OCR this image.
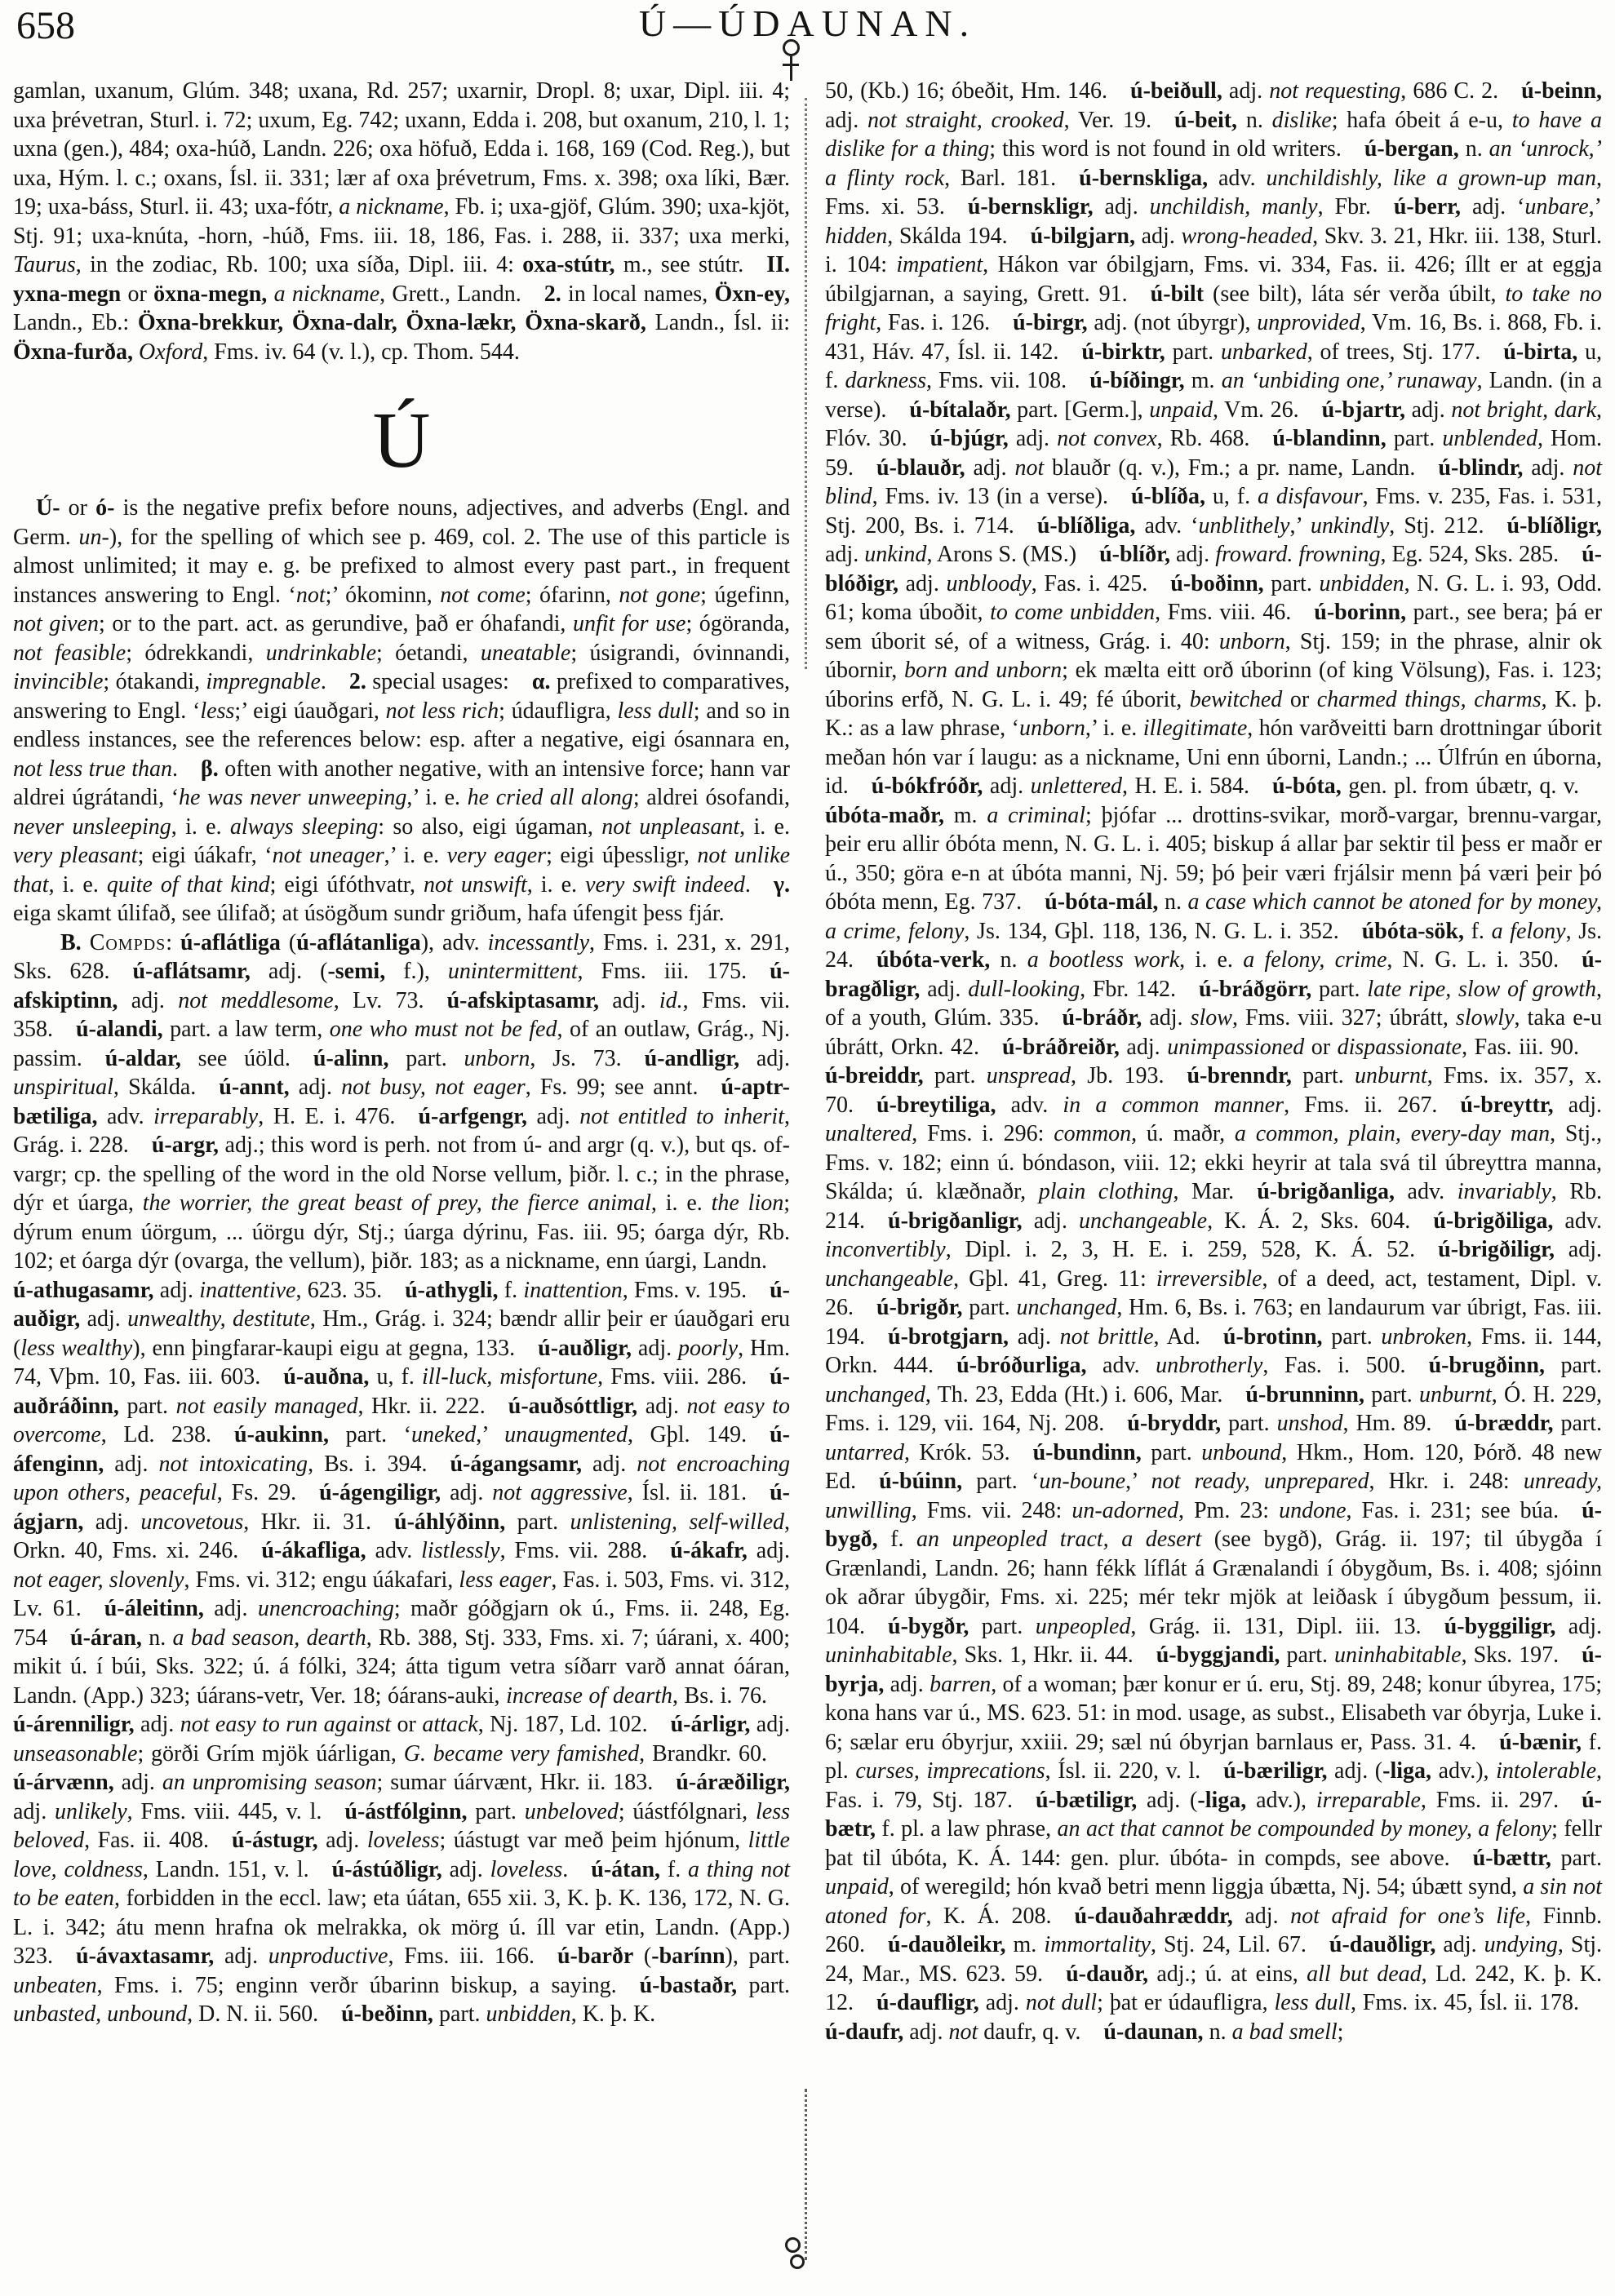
658	Ú—ÚDAUNAN.

gamlan, uxanum, Glúm. 348; uxana, Rd. 257; uxarnir, Dropl. 8; uxar, Dipl. iii. 4; uxa þrévetran, Sturl. i. 72; uxum, Eg. 742; uxann, Edda i. 208, but oxanum, 210, l. 1; uxna (gen.), 484; oxa-húð, Landn. 226; oxa höfuð, Edda i. 168, 169 (Cod. Reg.), but uxa, Hým. l. c.; oxans, Ísl. ii. 331; lær af oxa þrévetrum, Fms. x. 398; oxa líki, Bær. 19; uxa-báss, Sturl. ii. 43; uxa-fótr, a nickname, Fb. i; uxa-gjöf, Glúm. 390; uxa-kjöt, Stj. 91; uxa-knúta, -horn, -húð, Fms. iii. 18, 186, Fas. i. 288, ii. 337; uxa merki, Taurus, in the zodiac, Rb. 100; uxa síða, Dipl. iii. 4: oxa-stútr, m., see stútr. II. yxna-megn or öxna-megn, a nickname, Grett., Landn. 2. in local names, Öxn-ey, Landn., Eb.: Öxna-brekkur, Öxna-dalr, Öxna-lækr, Öxna-skarð, Landn., Ísl. ii: Öxna-furða, Oxford, Fms. iv. 64 (v. l.), cp. Thom. 544.

Ú

Ú- or ó- is the negative prefix before nouns, adjectives, and adverbs (Engl. and Germ. un-), for the spelling of which see p. 469, col. 2. The use of this particle is almost unlimited; it may e. g. be prefixed to almost every past part., in frequent instances answering to Engl. ‘not;’ ókominn, not come; ófarinn, not gone; úgefinn, not given; or to the part. act. as gerundive, það er óhafandi, unfit for use; ógöranda, not feasible; ódrekkandi, undrinkable; óetandi, uneatable; úsigrandi, óvinnandi, invincible; ótakandi, impregnable. 2. special usages: α. prefixed to comparatives, answering to Engl. ‘less;’ eigi úauðgari, not less rich; údaufligra, less dull; and so in endless instances, see the references below: esp. after a negative, eigi ósannara en, not less true than. β. often with another negative, with an intensive force; hann var aldrei úgrátandi, ‘he was never unweeping,’ i. e. he cried all along; aldrei ósofandi, never unsleeping, i. e. always sleeping: so also, eigi úgaman, not unpleasant, i. e. very pleasant; eigi úákafr, ‘not uneager,’ i. e. very eager; eigi úþessligr, not unlike that, i. e. quite of that kind; eigi úfóthvatr, not unswift, i. e. very swift indeed. γ. eiga skamt úlifað, see úlifað; at úsögðum sundr griðum, hafa úfengit þess fjár.

B. Compds: ú-aflátliga (ú-aflátanliga), adv. incessantly, Fms. i. 231, x. 291, Sks. 628. ú-aflátsamr, adj. (-semi, f.), unintermittent, Fms. iii. 175. ú-afskiptinn, adj. not meddlesome, Lv. 73. ú-afskiptasamr, adj. id., Fms. vii. 358. ú-alandi, part. a law term, one who must not be fed, of an outlaw, Grág., Nj. passim. ú-aldar, see úöld. ú-alinn, part. unborn, Js. 73. ú-andligr, adj. unspiritual, Skálda. ú-annt, adj. not busy, not eager, Fs. 99; see annt. ú-aptr-bætiliga, adv. irreparably, H. E. i. 476. ú-arfgengr, adj. not entitled to inherit, Grág. i. 228. ú-argr, adj.; this word is perh. not from ú- and argr (q. v.), but qs. of-vargr; cp. the spelling of the word in the old Norse vellum, þiðr. l. c.; in the phrase, dýr et úarga, the worrier, the great beast of prey, the fierce animal, i. e. the lion; dýrum enum úörgum, ... úörgu dýr, Stj.; úarga dýrinu, Fas. iii. 95; óarga dýr, Rb. 102; et óarga dýr (ovarga, the vellum), þiðr. 183; as a nickname, enn úargi, Landn. ú-athugasamr, adj. inattentive, 623. 35. ú-athygli, f. inattention, Fms. v. 195. ú-auðigr, adj. unwealthy, destitute, Hm., Grág. i. 324; bændr allir þeir er úauðgari eru (less wealthy), enn þingfarar-kaupi eigu at gegna, 133. ú-auðligr, adj. poorly, Hm. 74, Vþm. 10, Fas. iii. 603. ú-auðna, u, f. ill-luck, misfortune, Fms. viii. 286. ú-auðráðinn, part. not easily managed, Hkr. ii. 222. ú-auðsóttligr, adj. not easy to overcome, Ld. 238. ú-aukinn, part. ‘uneked,’ unaugmented, Gþl. 149. ú-áfenginn, adj. not intoxicating, Bs. i. 394. ú-ágangsamr, adj. not encroaching upon others, peaceful, Fs. 29. ú-ágengiligr, adj. not aggressive, Ísl. ii. 181. ú-ágjarn, adj. uncovetous, Hkr. ii. 31. ú-áhlýðinn, part. unlistening, self-willed, Orkn. 40, Fms. xi. 246. ú-ákafliga, adv. listlessly, Fms. vii. 288. ú-ákafr, adj. not eager, slovenly, Fms. vi. 312; engu úákafari, less eager, Fas. i. 503, Fms. vi. 312, Lv. 61. ú-áleitinn, adj. unencroaching; maðr góðgjarn ok ú., Fms. ii. 248, Eg. 754 ú-áran, n. a bad season, dearth, Rb. 388, Stj. 333, Fms. xi. 7; úárani, x. 400; mikit ú. í búi, Sks. 322; ú. á fólki, 324; átta tigum vetra síðarr varð annat óáran, Landn. (App.) 323; úárans-vetr, Ver. 18; óárans-auki, increase of dearth, Bs. i. 76. ú-árenniligr, adj. not easy to run against or attack, Nj. 187, Ld. 102. ú-árligr, adj. unseasonable; görði Grím mjök úárligan, G. became very famished, Brandkr. 60. ú-árvænn, adj. an unpromising season; sumar úárvænt, Hkr. ii. 183. ú-áræðiligr, adj. unlikely, Fms. viii. 445, v. l. ú-ástfólginn, part. unbeloved; úástfólgnari, less beloved, Fas. ii. 408. ú-ástugr, adj. loveless; úástugt var með þeim hjónum, little love, coldness, Landn. 151, v. l. ú-ástúðligr, adj. loveless. ú-átan, f. a thing not to be eaten, forbidden in the eccl. law; eta úátan, 655 xii. 3, K. þ. K. 136, 172, N. G. L. i. 342; átu menn hrafna ok melrakka, ok mörg ú. íll var etin, Landn. (App.) 323. ú-ávaxtasamr, adj. unproductive, Fms. iii. 166. ú-barðr (-barínn), part. unbeaten, Fms. i. 75; enginn verðr úbarinn biskup, a saying. ú-bastaðr, part. unbasted, unbound, D. N. ii. 560. ú-beðinn, part. unbidden, K. þ. K.

50, (Kb.) 16; óbeðit, Hm. 146. ú-beiðull, adj. not requesting, 686 C. 2. ú-beinn, adj. not straight, crooked, Ver. 19. ú-beit, n. dislike; hafa óbeit á e-u, to have a dislike for a thing; this word is not found in old writers. ú-bergan, n. an ‘unrock,’ a flinty rock, Barl. 181. ú-bernskliga, adv. unchildishly, like a grown-up man, Fms. xi. 53. ú-bernskligr, adj. unchildish, manly, Fbr. ú-berr, adj. ‘unbare,’ hidden, Skálda 194. ú-bilgjarn, adj. wrong-headed, Skv. 3. 21, Hkr. iii. 138, Sturl. i. 104: impatient, Hákon var óbilgjarn, Fms. vi. 334, Fas. ii. 426; íllt er at eggja úbilgjarnan, a saying, Grett. 91. ú-bilt (see bilt), láta sér verða úbilt, to take no fright, Fas. i. 126. ú-birgr, adj. (not úbyrgr), unprovided, Vm. 16, Bs. i. 868, Fb. i. 431, Háv. 47, Ísl. ii. 142. ú-birktr, part. unbarked, of trees, Stj. 177. ú-birta, u, f. darkness, Fms. vii. 108. ú-bíðingr, m. an ‘unbiding one,’ runaway, Landn. (in a verse). ú-bítalaðr, part. [Germ.], unpaid, Vm. 26. ú-bjartr, adj. not bright, dark, Flóv. 30. ú-bjúgr, adj. not convex, Rb. 468. ú-blandinn, part. unblended, Hom. 59. ú-blauðr, adj. not blauðr (q. v.), Fm.; a pr. name, Landn. ú-blindr, adj. not blind, Fms. iv. 13 (in a verse). ú-blíða, u, f. a disfavour, Fms. v. 235, Fas. i. 531, Stj. 200, Bs. i. 714. ú-blíðliga, adv. ‘unblithely,’ unkindly, Stj. 212. ú-blíðligr, adj. unkind, Arons S. (MS.) ú-blíðr, adj. froward. frowning, Eg. 524, Sks. 285. ú-blóðigr, adj. unbloody, Fas. i. 425. ú-boðinn, part. unbidden, N. G. L. i. 93, Odd. 61; koma úboðit, to come unbidden, Fms. viii. 46. ú-borinn, part., see bera; þá er sem úborit sé, of a witness, Grág. i. 40: unborn, Stj. 159; in the phrase, alnir ok úbornir, born and unborn; ek mælta eitt orð úborinn (of king Völsung), Fas. i. 123; úborins erfð, N. G. L. i. 49; fé úborit, bewitched or charmed things, charms, K. þ. K.: as a law phrase, ‘unborn,’ i. e. illegitimate, hón varðveitti barn drottningar úborit meðan hón var í laugu: as a nickname, Uni enn úborni, Landn.; ... Úlfrún en úborna, id. ú-bókfróðr, adj. unlettered, H. E. i. 584. ú-bóta, gen. pl. from úbætr, q. v. úbóta-maðr, m. a criminal; þjófar ... drottins-svikar, morð-vargar, brennu-vargar, þeir eru allir óbóta menn, N. G. L. i. 405; biskup á allar þar sektir til þess er maðr er ú., 350; göra e-n at úbóta manni, Nj. 59; þó þeir væri frjálsir menn þá væri þeir þó óbóta menn, Eg. 737. ú-bóta-mál, n. a case which cannot be atoned for by money, a crime, felony, Js. 134, Gþl. 118, 136, N. G. L. i. 352. úbóta-sök, f. a felony, Js. 24. úbóta-verk, n. a bootless work, i. e. a felony, crime, N. G. L. i. 350. ú-bragðligr, adj. dull-looking, Fbr. 142. ú-bráðgörr, part. late ripe, slow of growth, of a youth, Glúm. 335. ú-bráðr, adj. slow, Fms. viii. 327; úbrátt, slowly, taka e-u úbrátt, Orkn. 42. ú-bráðreiðr, adj. unimpassioned or dispassionate, Fas. iii. 90. ú-breiddr, part. unspread, Jb. 193. ú-brenndr, part. unburnt, Fms. ix. 357, x. 70. ú-breytiliga, adv. in a common manner, Fms. ii. 267. ú-breyttr, adj. unaltered, Fms. i. 296: common, ú. maðr, a common, plain, every-day man, Stj., Fms. v. 182; einn ú. bóndason, viii. 12; ekki heyrir at tala svá til úbreyttra manna, Skálda; ú. klæðnaðr, plain clothing, Mar. ú-brigðanliga, adv. invariably, Rb. 214. ú-brigðanligr, adj. unchangeable, K. Á. 2, Sks. 604. ú-brigðiliga, adv. inconvertibly, Dipl. i. 2, 3, H. E. i. 259, 528, K. Á. 52. ú-brigðiligr, adj. unchangeable, Gþl. 41, Greg. 11: irreversible, of a deed, act, testament, Dipl. v. 26. ú-brigðr, part. unchanged, Hm. 6, Bs. i. 763; en landaurum var úbrigt, Fas. iii. 194. ú-brotgjarn, adj. not brittle, Ad. ú-brotinn, part. unbroken, Fms. ii. 144, Orkn. 444. ú-bróðurliga, adv. unbrotherly, Fas. i. 500. ú-brugðinn, part. unchanged, Th. 23, Edda (Ht.) i. 606, Mar. ú-brunninn, part. unburnt, Ó. H. 229, Fms. i. 129, vii. 164, Nj. 208. ú-bryddr, part. unshod, Hm. 89. ú-bræddr, part. untarred, Krók. 53. ú-bundinn, part. unbound, Hkm., Hom. 120, Þórð. 48 new Ed. ú-búinn, part. ‘un-boune,’ not ready, unprepared, Hkr. i. 248: unready, unwilling, Fms. vii. 248: un-adorned, Pm. 23: undone, Fas. i. 231; see búa. ú-bygð, f. an unpeopled tract, a desert (see bygð), Grág. ii. 197; til úbygða í Grænlandi, Landn. 26; hann fékk líflát á Grænalandi í óbygðum, Bs. i. 408; sjóinn ok aðrar úbygðir, Fms. xi. 225; mér tekr mjök at leiðask í úbygðum þessum, ii. 104. ú-bygðr, part. unpeopled, Grág. ii. 131, Dipl. iii. 13. ú-byggiligr, adj. uninhabitable, Sks. 1, Hkr. ii. 44. ú-byggjandi, part. uninhabitable, Sks. 197. ú-byrja, adj. barren, of a woman; þær konur er ú. eru, Stj. 89, 248; konur úbyrea, 175; kona hans var ú., MS. 623. 51: in mod. usage, as subst., Elisabeth var óbyrja, Luke i. 6; sælar eru óbyrjur, xxiii. 29; sæl nú óbyrjan barnlaus er, Pass. 31. 4. ú-bænir, f. pl. curses, imprecations, Ísl. ii. 220, v. l. ú-bæriligr, adj. (-liga, adv.), intolerable, Fas. i. 79, Stj. 187. ú-bætiligr, adj. (-liga, adv.), irreparable, Fms. ii. 297. ú-bætr, f. pl. a law phrase, an act that cannot be compounded by money, a felony; fellr þat til úbóta, K. Á. 144: gen. plur. úbóta- in compds, see above. ú-bættr, part. unpaid, of weregild; hón kvað betri menn liggja úbætta, Nj. 54; úbætt synd, a sin not atoned for, K. Á. 208. ú-dauðahræddr, adj. not afraid for one’s life, Finnb. 260. ú-dauðleikr, m. immortality, Stj. 24, Lil. 67. ú-dauðligr, adj. undying, Stj. 24, Mar., MS. 623. 59. ú-dauðr, adj.; ú. at eins, all but dead, Ld. 242, K. þ. K. 12. ú-daufligr, adj. not dull; þat er údaufligra, less dull, Fms. ix. 45, Ísl. ii. 178. ú-daufr, adj. not daufr, q. v. ú-daunan, n. a bad smell;
